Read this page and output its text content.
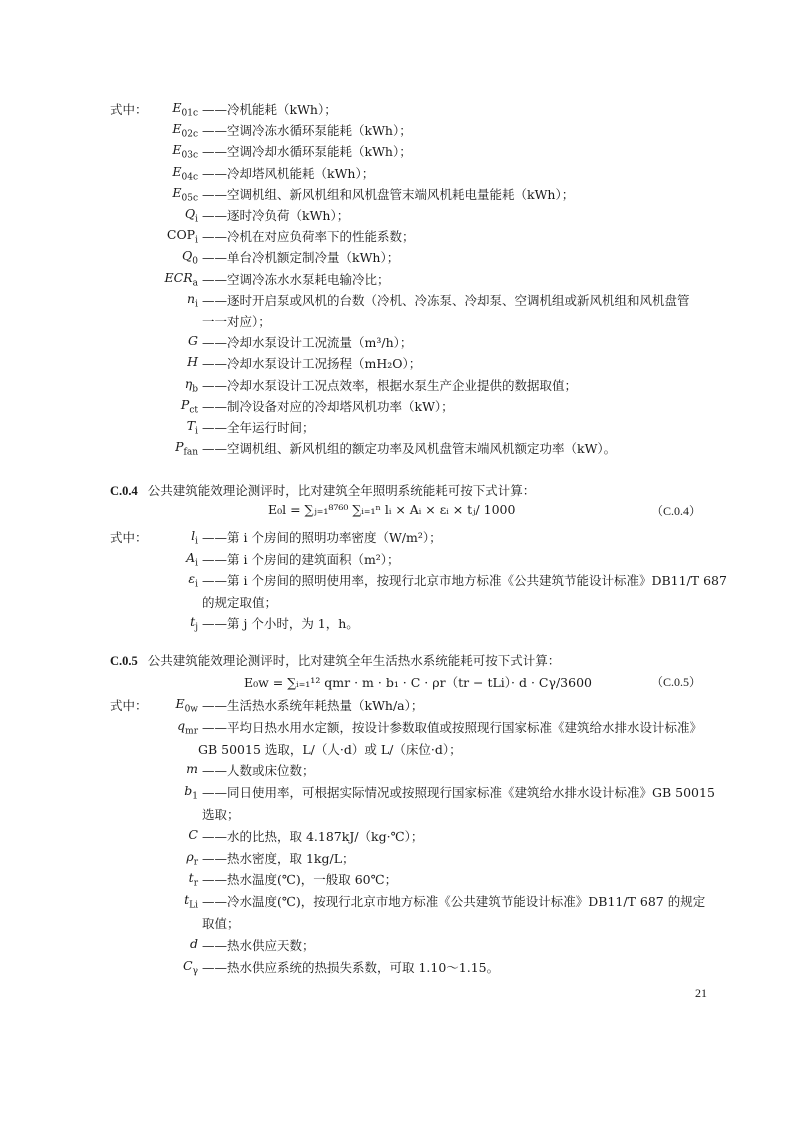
式中：	$E_{01c}$ ——冷机能耗（kWh）；
$E_{02c}$ ——空调冷冻水循环泵能耗（kWh）；
$E_{03c}$ ——空调冷却水循环泵能耗（kWh）；
$E_{04c}$ ——冷却塔风机能耗（kWh）；
$E_{05c}$ ——空调机组、新风机组和风机盘管末端风机耗电量能耗（kWh）；
$Q_i$ ——逐时冷负荷（kWh）；
$COP_i$ ——冷机在对应负荷率下的性能系数；
$Q_0$ ——单台冷机额定制冷量（kWh）；
$ECR_a$ ——空调冷冻水水泵耗电输冷比；
$n_i$ ——逐时开启泵或风机的台数（冷机、冷冻泵、冷却泵、空调机组或新风机组和风机盘管
一一对应）；
G ——冷却水泵设计工况流量（m³/h）；
H ——冷却水泵设计工况扬程（mH₂O）；
$\eta_b$ ——冷却水泵设计工况点效率，根据水泵生产企业提供的数据取值；
$P_{ct}$ ——制冷设备对应的冷却塔风机功率（kW）；
$T_i$ ——全年运行时间；
$P_{fan}$ ——空调机组、新风机组的额定功率及风机盘管末端风机额定功率（kW）。
C.0.4 公共建筑能效理论测评时，比对建筑全年照明系统能耗可按下式计算：
E₀l = ∑ⱼ₌₁⁸⁷⁶⁰ ∑ᵢ₌₁ⁿ lᵢ × Aᵢ × εᵢ × tⱼ/ 1000	（C.0.4）
式中：	$l_i$ ——第 i 个房间的照明功率密度（W/m²）；
$A_i$ ——第 i 个房间的建筑面积（m²）；
$\varepsilon_i$ ——第 i 个房间的照明使用率，按现行北京市地方标准《公共建筑节能设计标准》DB11/T 687
的规定取值；
$t_j$ ——第 j 个小时，为 1，h。
C.0.5 公共建筑能效理论测评时，比对建筑全年生活热水系统能耗可按下式计算：
E₀w = ∑ᵢ₌₁¹² qmr · m · b₁ · C · ρr（tr − tLi）· d · Cγ/3600	（C.0.5）
式中：	$E_{0w}$ ——生活热水系统年耗热量（kWh/a）；
$q_{mr}$ ——平均日热水用水定额，按设计参数取值或按照现行国家标准《建筑给水排水设计标准》
GB 50015 选取，L/（人·d）或 L/（床位·d）；
m ——人数或床位数；
$b_1$ ——同日使用率，可根据实际情况或按照现行国家标准《建筑给水排水设计标准》GB 50015
选取；
C ——水的比热，取 4.187kJ/（kg·℃）；
$\rho_r$ ——热水密度，取 1kg/L；
$t_r$ ——热水温度(℃)，一般取 60℃；
$t_{Li}$ ——冷水温度(℃)，按现行北京市地方标准《公共建筑节能设计标准》DB11/T 687 的规定
取值；
d ——热水供应天数；
$C_\gamma$ ——热水供应系统的热损失系数，可取 1.10～1.15。
21
